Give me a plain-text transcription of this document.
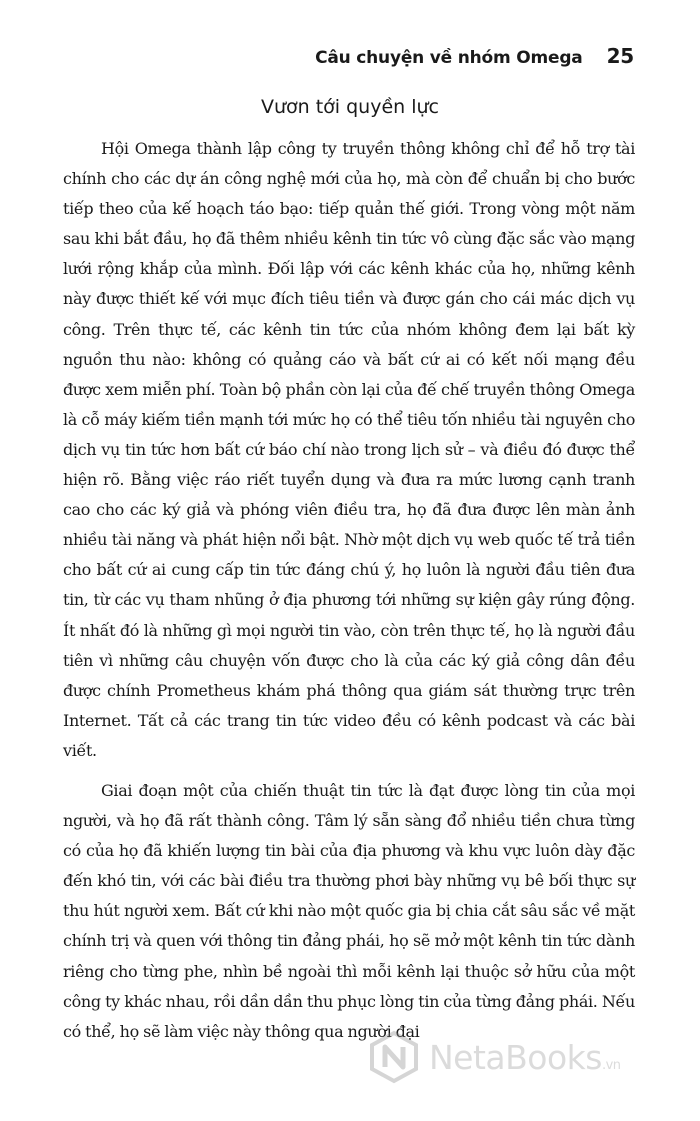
Câu chuyện về nhóm Omega 25
Vươn tới quyền lực

Hội Omega thành lập công ty truyền thông không chỉ để hỗ trợ tài chính cho các dự án công nghệ mới của họ, mà còn để chuẩn bị cho bước tiếp theo của kế hoạch táo bạo: tiếp quản thế giới. Trong vòng một năm sau khi bắt đầu, họ đã thêm nhiều kênh tin tức vô cùng đặc sắc vào mạng lưới rộng khắp của mình. Đối lập với các kênh khác của họ, những kênh này được thiết kế với mục đích tiêu tiền và được gán cho cái mác dịch vụ công. Trên thực tế, các kênh tin tức của nhóm không đem lại bất kỳ nguồn thu nào: không có quảng cáo và bất cứ ai có kết nối mạng đều được xem miễn phí. Toàn bộ phần còn lại của đế chế truyền thông Omega là cỗ máy kiếm tiền mạnh tới mức họ có thể tiêu tốn nhiều tài nguyên cho dịch vụ tin tức hơn bất cứ báo chí nào trong lịch sử – và điều đó được thể hiện rõ. Bằng việc ráo riết tuyển dụng và đưa ra mức lương cạnh tranh cao cho các ký giả và phóng viên điều tra, họ đã đưa được lên màn ảnh nhiều tài năng và phát hiện nổi bật. Nhờ một dịch vụ web quốc tế trả tiền cho bất cứ ai cung cấp tin tức đáng chú ý, họ luôn là người đầu tiên đưa tin, từ các vụ tham nhũng ở địa phương tới những sự kiện gây rúng động. Ít nhất đó là những gì mọi người tin vào, còn trên thực tế, họ là người đầu tiên vì những câu chuyện vốn được cho là của các ký giả công dân đều được chính Prometheus khám phá thông qua giám sát thường trực trên Internet. Tất cả các trang tin tức video đều có kênh podcast và các bài viết.

Giai đoạn một của chiến thuật tin tức là đạt được lòng tin của mọi người, và họ đã rất thành công. Tâm lý sẵn sàng đổ nhiều tiền chưa từng có của họ đã khiến lượng tin bài của địa phương và khu vực luôn dày đặc đến khó tin, với các bài điều tra thường phơi bày những vụ bê bối thực sự thu hút người xem. Bất cứ khi nào một quốc gia bị chia cắt sâu sắc về mặt chính trị và quen với thông tin đảng phái, họ sẽ mở một kênh tin tức dành riêng cho từng phe, nhìn bề ngoài thì mỗi kênh lại thuộc sở hữu của một công ty khác nhau, rồi dần dần thu phục lòng tin của từng đảng phái. Nếu có thể, họ sẽ làm việc này thông qua người đại

NetaBooks.vn
